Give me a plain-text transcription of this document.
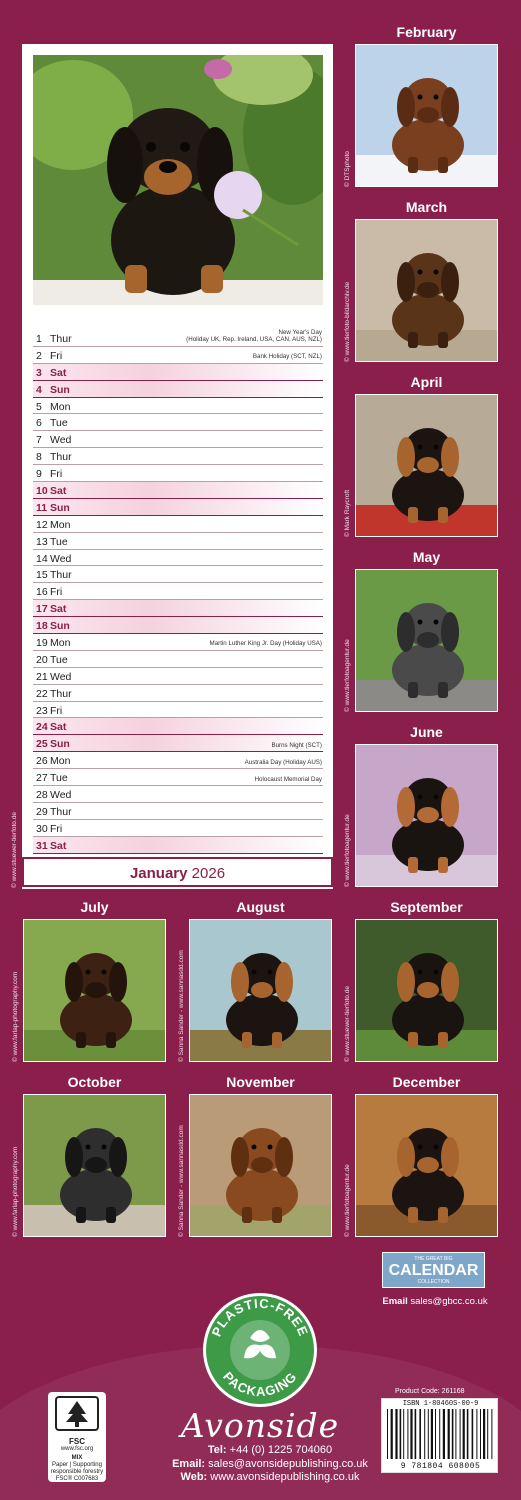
1 Thur
New Year's Day
(Holiday UK, Rep. Ireland, USA, CAN, AUS, NZL)
2 Fri	Bank Holiday (SCT, NZL)
3 Sat
4 Sun
5 Mon
6 Tue
7 Wed
8 Thur
9 Fri
10 Sat
11 Sun
12 Mon
13 Tue
14 Wed
15 Thur
16 Fri
17 Sat
18 Sun
19 Mon	Martin Luther King Jr. Day (Holiday USA)
20 Tue
21 Wed
22 Thur
23 Fri
24 Sat
25 Sun	Burns Night (SCT)
26 Mon	Australia Day (Holiday AUS)
27 Tue	Holocaust Memorial Day
28 Wed
29 Thur
30 Fri
31 Sat
January 2026
© www.stuewer-tierfoto.de
February
© DTSphoto
March
© www.tierfoto-bildarchiv.de
April
© Mark Raycroft
May
© www.tierfotoagentur.de
June
© www.tierfotoagentur.de
July
© www.farlap-photography.com
August
© Sanna Sander - www.sannasdd.com
September
© www.stuewer-tierfoto.de
October
© www.farlap-photography.com
November
© Sanna Sander - www.sannasdd.com
December
© www.tierfotoagentur.de
PLASTIC-FREE
PACKAGING
FSC
www.fsc.org
MIX
Paper | Supporting responsible forestry
FSC® C007683
Avonside
Tel: +44 (0) 1225 704060
Email: sales@avonsidepublishing.co.uk
Web: www.avonsidepublishing.co.uk
THE GREAT BIG
CALENDAR
COLLECTION
Email sales@gbcc.co.uk
Product Code: 261168
ISBN 1-80460S-00-9
9 781804 608005
